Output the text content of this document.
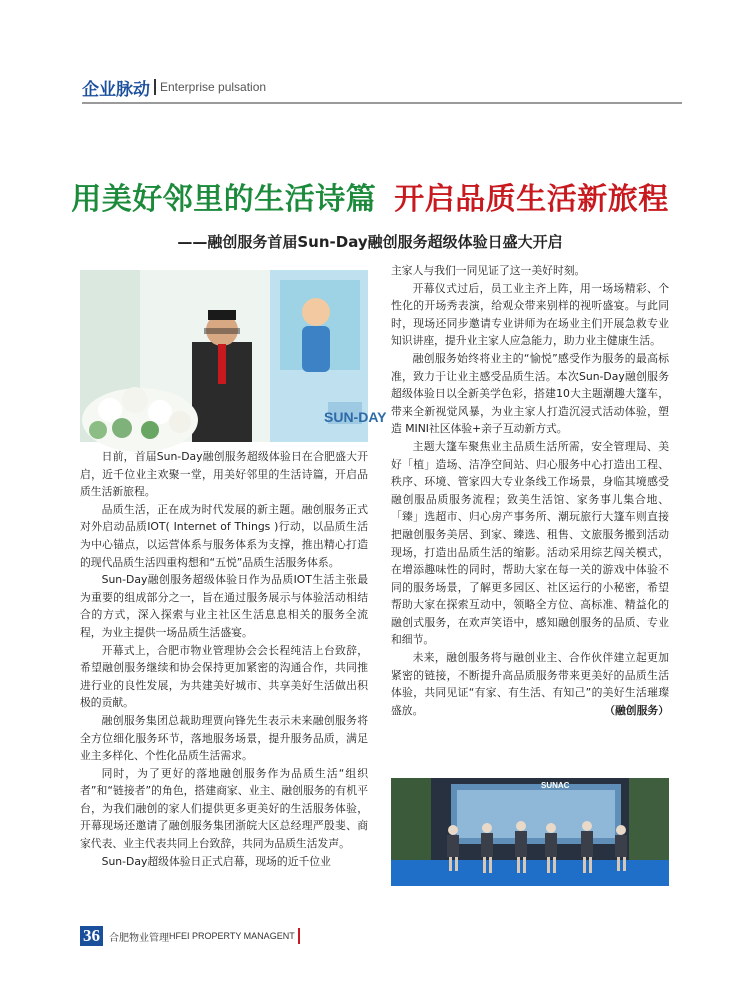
企业脉动 Enterprise pulsation
用美好邻里的生活诗篇 开启品质生活新旅程
——融创服务首届Sun-Day融创服务超级体验日盛大开启
SUN-DAY

日前，首届Sun-Day融创服务超级体验日在合肥盛大开启，近千位业主欢聚一堂，用美好邻里的生活诗篇，开启品质生活新旅程。

品质生活，正在成为时代发展的新主题。融创服务正式对外启动品质IOT( Internet of Things )行动，以品质生活为中心锚点，以运营体系与服务体系为支撑，推出精心打造的现代品质生活四重构想和“五悦”品质生活服务体系。

Sun-Day融创服务超级体验日作为品质IOT生活主张最为重要的组成部分之一，旨在通过服务展示与体验活动相结合的方式，深入探索与业主社区生活息息相关的服务全流程，为业主提供一场品质生活盛宴。

开幕式上，合肥市物业管理协会会长程纯洁上台致辞，希望融创服务继续和协会保持更加紧密的沟通合作，共同推进行业的良性发展，为共建美好城市、共享美好生活做出积极的贡献。

融创服务集团总裁助理贾向锋先生表示未来融创服务将全方位细化服务环节，落地服务场景，提升服务品质，满足业主多样化、个性化品质生活需求。

同时，为了更好的落地融创服务作为品质生活“组织者”和“链接者”的角色，搭建商家、业主、融创服务的有机平台，为我们融创的家人们提供更多更美好的生活服务体验，开幕现场还邀请了融创服务集团浙皖大区总经理严殷斐、商家代表、业主代表共同上台致辞，共同为品质生活发声。

Sun-Day超级体验日正式启幕，现场的近千位业

主家人与我们一同见证了这一美好时刻。

开幕仪式过后，员工业主齐上阵，用一场场精彩、个性化的开场秀表演，给观众带来别样的视听盛宴。与此同时，现场还同步邀请专业讲师为在场业主们开展急救专业知识讲座，提升业主家人应急能力，助力业主健康生活。

融创服务始终将业主的“愉悦”感受作为服务的最高标准，致力于让业主感受品质生活。本次Sun-Day融创服务超级体验日以全新美学色彩，搭建10大主题潮趣大篷车，带来全新视觉风暴，为业主家人打造沉浸式活动体验，塑造 MINI社区体验+亲子互动新方式。

主题大篷车聚焦业主品质生活所需，安全管理局、美好「植」造场、洁净空间站、归心服务中心打造出工程、秩序、环境、管家四大专业条线工作场景，身临其境感受融创服品质服务流程；致美生活馆、家务事儿集合地、「臻」选超市、归心房产事务所、潮玩旅行大篷车则直接把融创服务美居、到家、臻选、租售、文旅服务搬到活动现场，打造出品质生活的缩影。活动采用综艺闯关模式，在增添趣味性的同时，帮助大家在每一关的游戏中体验不同的服务场景，了解更多园区、社区运行的小秘密，希望帮助大家在探索互动中，领略全方位、高标准、精益化的融创式服务，在欢声笑语中，感知融创服务的品质、专业和细节。

未来，融创服务将与融创业主、合作伙伴建立起更加紧密的链接，不断提升高品质服务带来更美好的品质生活体验，共同见证“有家、有生活、有知己”的美好生活璀璨盛放。	（融创服务）

SUNAC
36 合肥物业管理 HFEI PROPERTY MANAGENT
